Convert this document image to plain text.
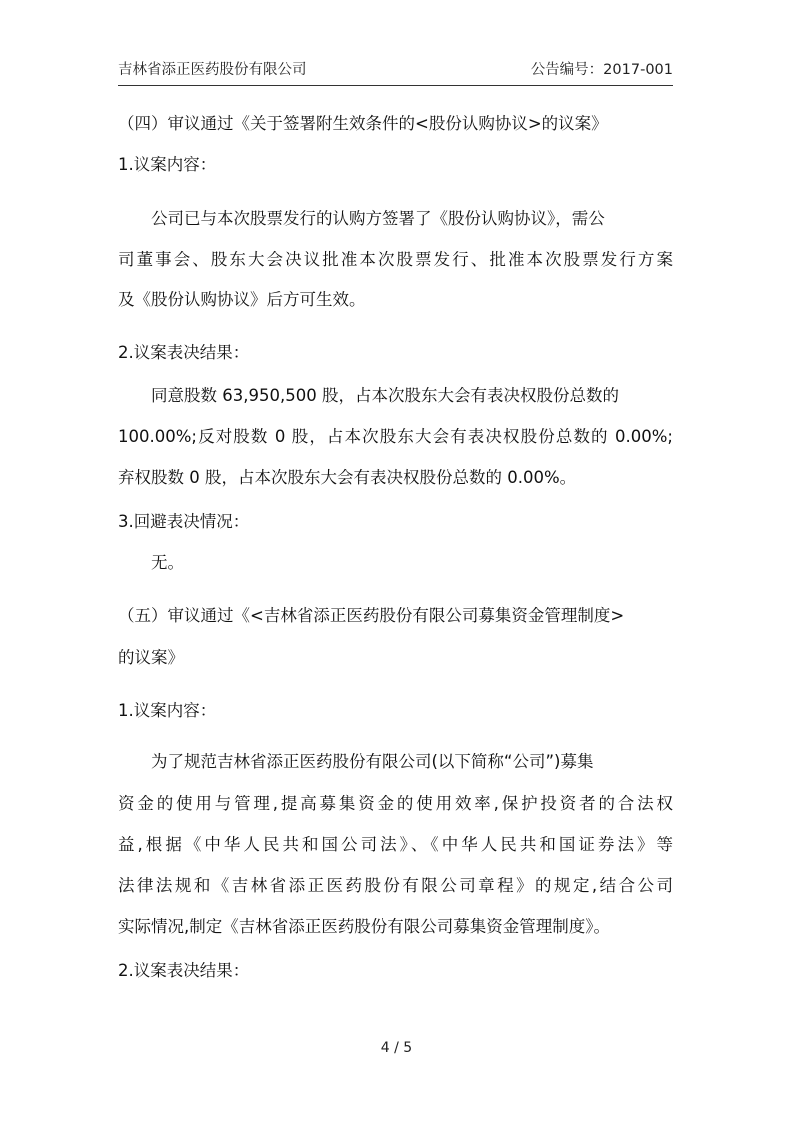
吉林省添正医药股份有限公司	公告编号：2017-001
（四）审议通过《关于签署附生效条件的<股份认购协议>的议案》
1.议案内容：
公司已与本次股票发行的认购方签署了《股份认购协议》，需公
司董事会、股东大会决议批准本次股票发行、批准本次股票发行方案
及《股份认购协议》后方可生效。
2.议案表决结果：
同意股数 63,950,500 股，占本次股东大会有表决权股份总数的
100.00%;反对股数 0 股，占本次股东大会有表决权股份总数的 0.00%;
弃权股数 0 股，占本次股东大会有表决权股份总数的 0.00%。
3.回避表决情况：
无。
（五）审议通过《<吉林省添正医药股份有限公司募集资金管理制度>
的议案》
1.议案内容：
为了规范吉林省添正医药股份有限公司(以下简称“公司”)募集
资金的使用与管理,提高募集资金的使用效率,保护投资者的合法权
益,根据《中华人民共和国公司法》、《中华人民共和国证券法》等
法律法规和《吉林省添正医药股份有限公司章程》的规定,结合公司
实际情况,制定《吉林省添正医药股份有限公司募集资金管理制度》。
2.议案表决结果：
4 / 5
